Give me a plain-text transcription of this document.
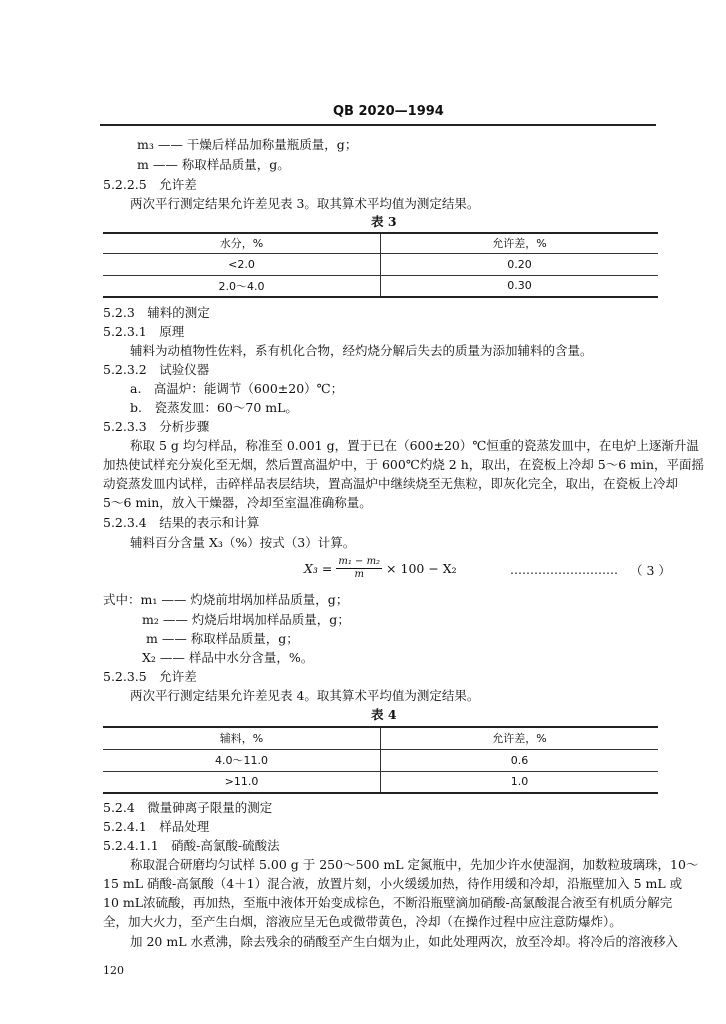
QB 2020—1994
m₃ —— 干燥后样品加称量瓶质量，g；
m —— 称取样品质量，g。
5.2.2.5　允许差
两次平行测定结果允许差见表 3。取其算术平均值为测定结果。
表 3
水分，%	允许差，%
<2.0	0.20
2.0～4.0	0.30
5.2.3　辅料的测定
5.2.3.1　原理
辅料为动植物性佐料，系有机化合物，经灼烧分解后失去的质量为添加辅料的含量。
5.2.3.2　试验仪器
a.　高温炉：能调节（600±20）℃；
b.　瓷蒸发皿：60～70 mL。
5.2.3.3　分析步骤
称取 5 g 均匀样品，称准至 0.001 g，置于已在（600±20）℃恒重的瓷蒸发皿中，在电炉上逐渐升温
加热使试样充分炭化至无烟，然后置高温炉中，于 600℃灼烧 2 h，取出，在瓷板上冷却 5～6 min，平面摇
动瓷蒸发皿内试样，击碎样品表层结块，置高温炉中继续烧至无焦粒，即灰化完全，取出，在瓷板上冷却
5～6 min，放入干燥器，冷却至室温准确称量。
5.2.3.4　结果的表示和计算
辅料百分含量 X₃（%）按式（3）计算。
$X_3 = \frac{\text{m₁ − m₂}}{m} \times 100 - X_2$	……………………… （ 3 ）
式中：m₁ —— 灼烧前坩埚加样品质量，g；
m₂ —— 灼烧后坩埚加样品质量，g；
m —— 称取样品质量，g；
X₂ —— 样品中水分含量，%。
5.2.3.5　允许差
两次平行测定结果允许差见表 4。取其算术平均值为测定结果。
表 4
辅料，%	允许差，%
4.0～11.0	0.6
>11.0	1.0
5.2.4　微量砷离子限量的测定
5.2.4.1　样品处理
5.2.4.1.1　硝酸-高氯酸-硫酸法
称取混合研磨均匀试样 5.00 g 于 250～500 mL 定氮瓶中，先加少许水使湿润，加数粒玻璃珠，10～
15 mL 硝酸-高氯酸（4＋1）混合液，放置片刻，小火缓缓加热，待作用缓和冷却，沿瓶壁加入 5 mL 或
10 mL浓硫酸，再加热，至瓶中液体开始变成棕色，不断沿瓶壁滴加硝酸-高氯酸混合液至有机质分解完
全，加大火力，至产生白烟，溶液应呈无色或微带黄色，冷却（在操作过程中应注意防爆炸）。
加 20 mL 水煮沸，除去残余的硝酸至产生白烟为止，如此处理两次，放至冷却。将冷后的溶液移入
120
